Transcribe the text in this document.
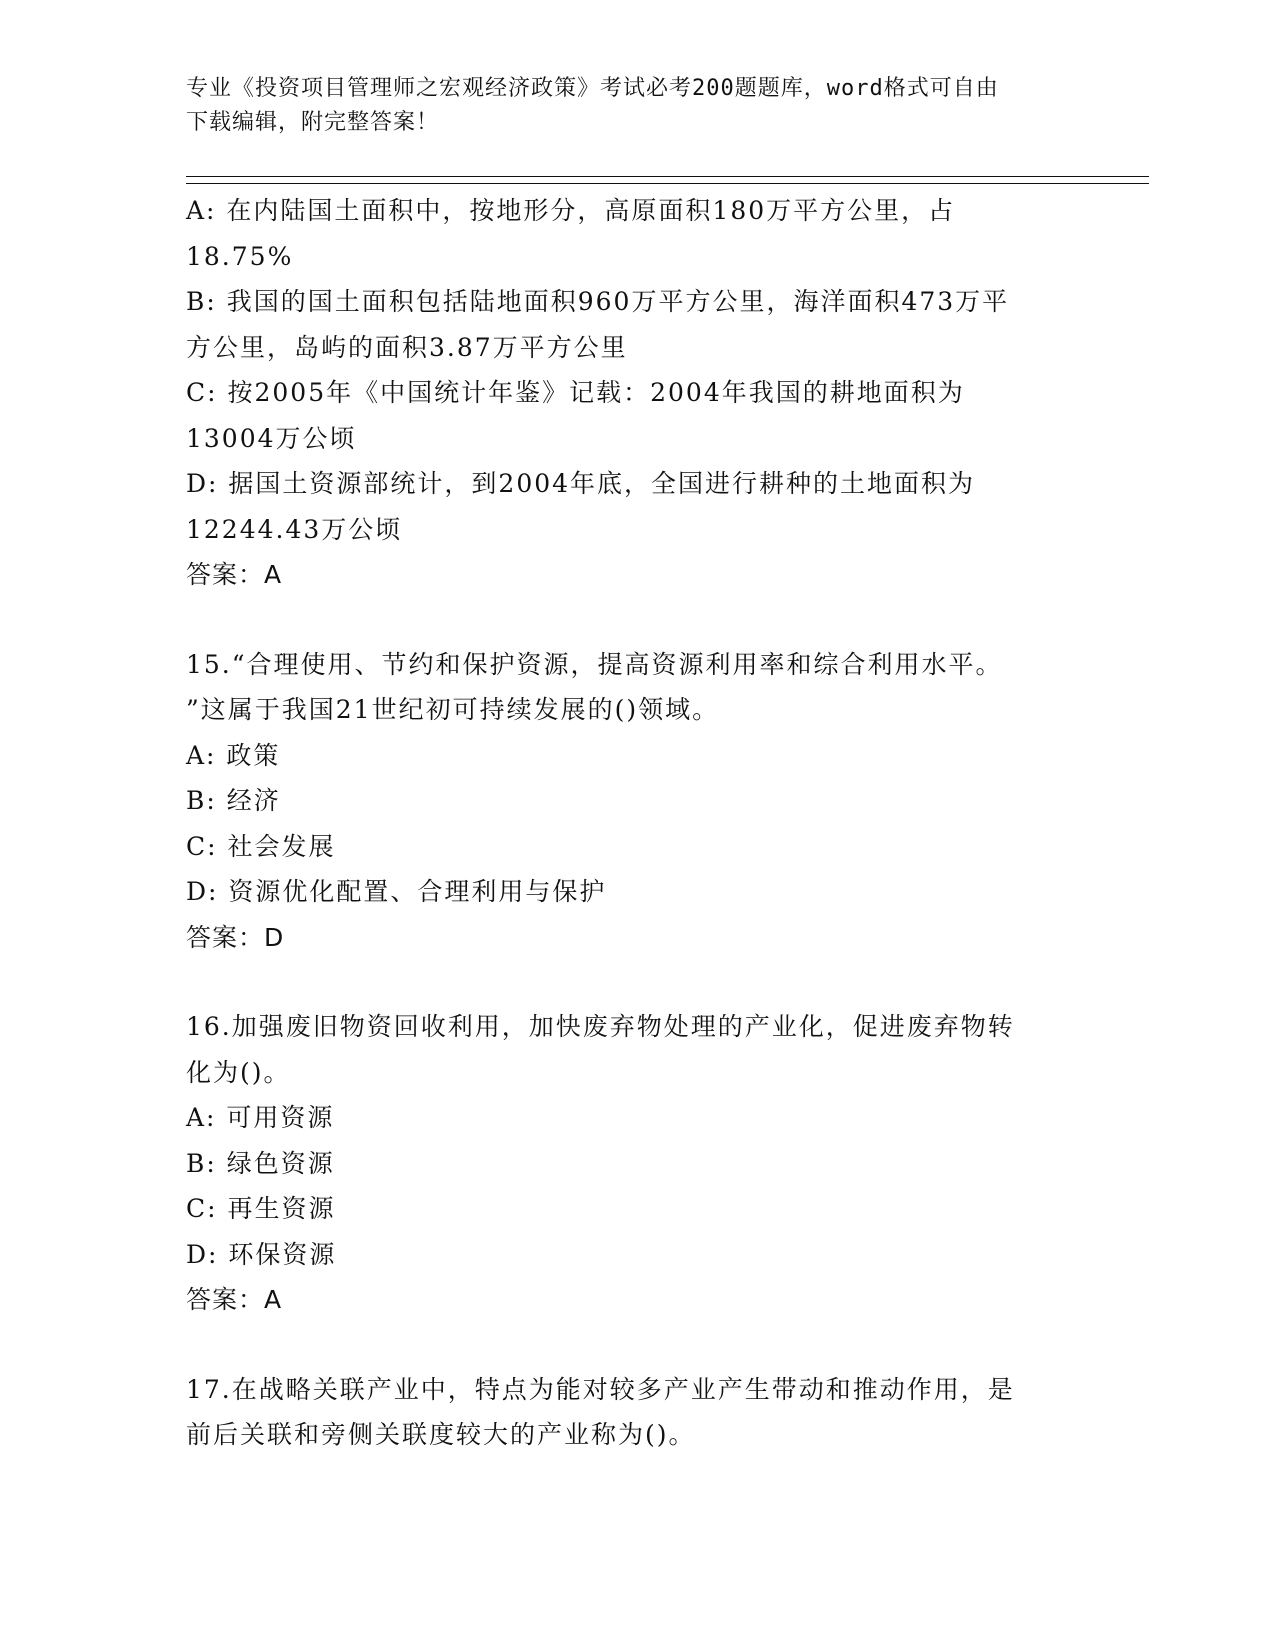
专业《投资项目管理师之宏观经济政策》考试必考200题题库，word格式可自由
下载编辑，附完整答案！
A: 在内陆国土面积中，按地形分，高原面积180万平方公里，占
18.75%
B: 我国的国土面积包括陆地面积960万平方公里，海洋面积473万平
方公里，岛屿的面积3.87万平方公里
C: 按2005年《中国统计年鉴》记载：2004年我国的耕地面积为
13004万公顷
D: 据国土资源部统计，到2004年底，全国进行耕种的土地面积为
12244.43万公顷
答案：A
15.“合理使用、节约和保护资源，提高资源利用率和综合利用水平。
”这属于我国21世纪初可持续发展的()领域。
A: 政策
B: 经济
C: 社会发展
D: 资源优化配置、合理利用与保护
答案：D
16.加强废旧物资回收利用，加快废弃物处理的产业化，促进废弃物转
化为()。
A: 可用资源
B: 绿色资源
C: 再生资源
D: 环保资源
答案：A
17.在战略关联产业中，特点为能对较多产业产生带动和推动作用，是
前后关联和旁侧关联度较大的产业称为()。
